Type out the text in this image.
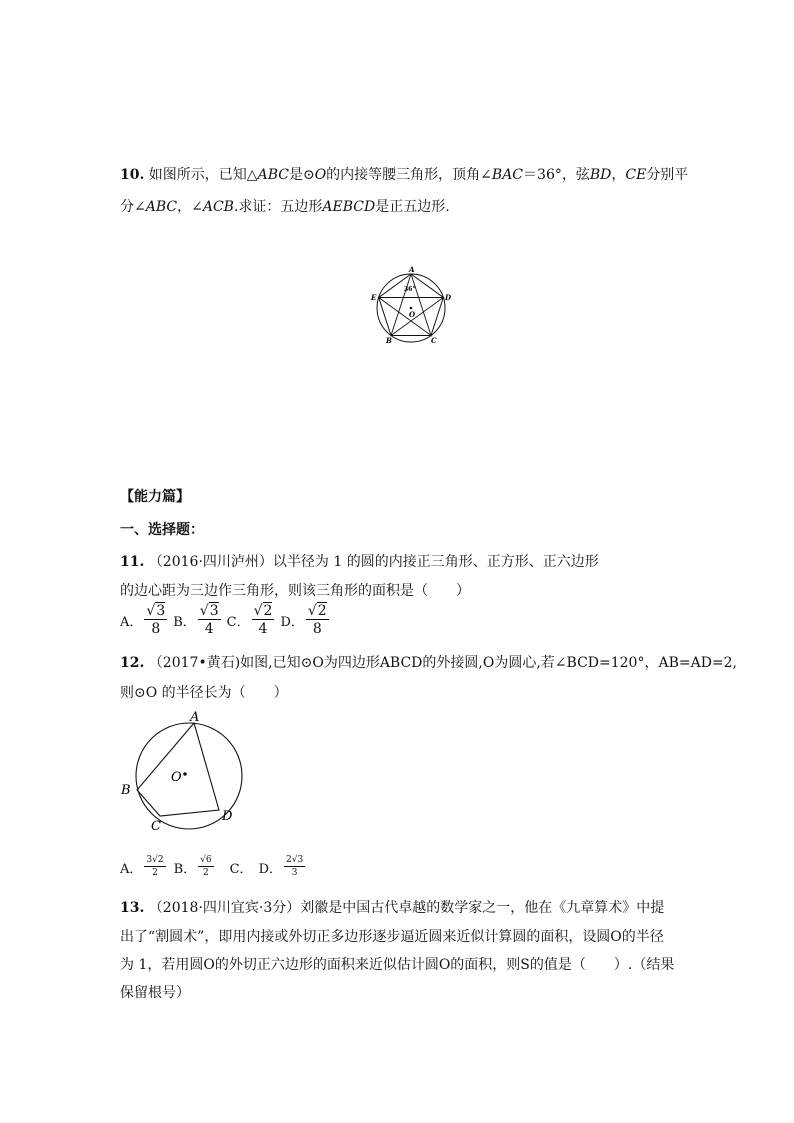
10. 如图所示，已知△ABC是⊙O的内接等腰三角形，顶角∠BAC＝36°，弦BD，CE分别平
分∠ABC，∠ACB.求证：五边形AEBCD是正五边形.
A
D
E
B	C
O
36°
【能力篇】
一、选择题：
11. （2016·四川泸州）以半径为 1 的圆的内接正三角形、正方形、正六边形
的边心距为三边作三角形，则该三角形的面积是（　　）
A． $\frac{√3}{8}$ B． $\frac{√3}{4}$ C． $\frac{√2}{4}$ D． $\frac{√2}{8}$
12. （2017•黄石)如图,已知⊙O为四边形ABCD的外接圆,O为圆心,若∠BCD=120°，AB=AD=2,
则⊙O 的半径长为（　　）
A
B
C
D
O
A． $\frac{3√2}{2}$ B． $\frac{√6}{2}$ C． D． $\frac{2√3}{3}$
13. （2018·四川宜宾·3分）刘徽是中国古代卓越的数学家之一，他在《九章算术》中提
出了“割圆术”，即用内接或外切正多边形逐步逼近圆来近似计算圆的面积，设圆O的半径
为 1，若用圆O的外切正六边形的面积来近似估计圆O的面积，则S的值是（　　）.（结果
保留根号）
